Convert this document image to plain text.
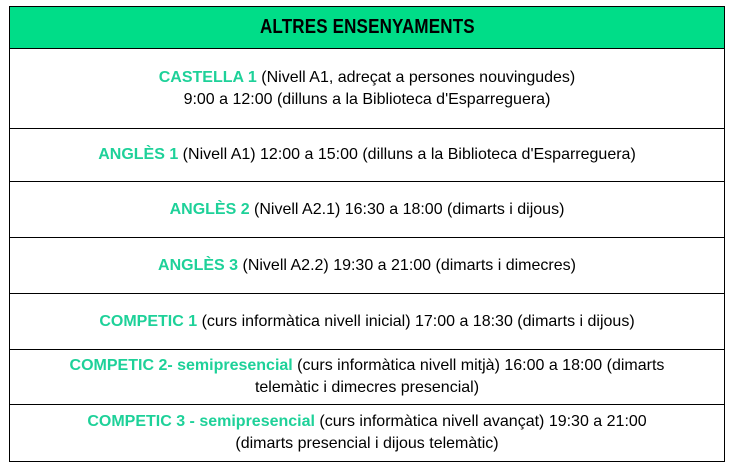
ALTRES ENSENYAMENTS
CASTELLA 1 (Nivell A1, adreçat a persones nouvingudes)
9:00 a 12:00 (dilluns a la Biblioteca d'Esparreguera)
ANGLÈS 1 (Nivell A1) 12:00 a 15:00 (dilluns a la Biblioteca d'Esparreguera)
ANGLÈS 2 (Nivell A2.1) 16:30 a 18:00 (dimarts i dijous)
ANGLÈS 3 (Nivell A2.2) 19:30 a 21:00 (dimarts i dimecres)
COMPETIC 1 (curs informàtica nivell inicial) 17:00 a 18:30 (dimarts i dijous)
COMPETIC 2- semipresencial (curs informàtica nivell mitjà) 16:00 a 18:00 (dimarts
telemàtic i dimecres presencial)
COMPETIC 3 - semipresencial (curs informàtica nivell avançat) 19:30 a 21:00
(dimarts presencial i dijous telemàtic)
